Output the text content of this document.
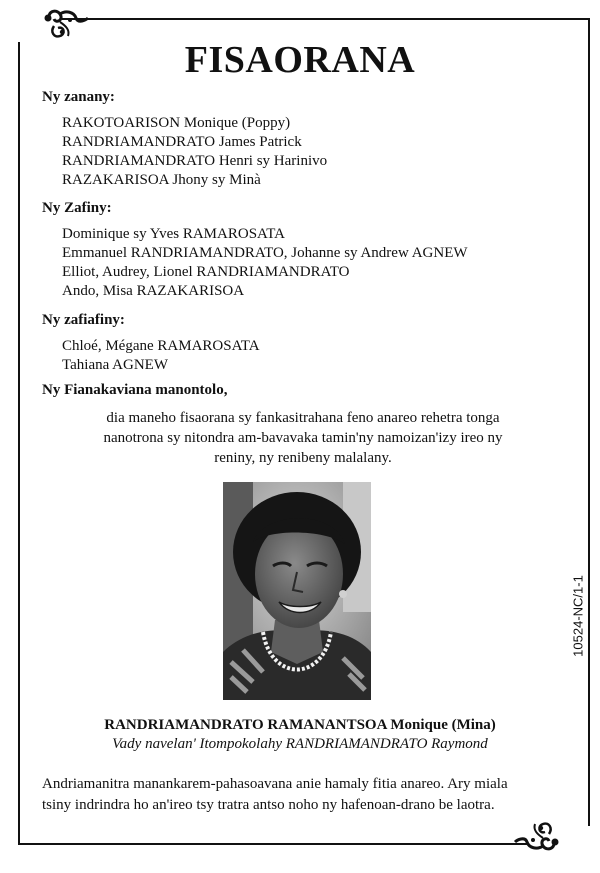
FISAORANA
Ny zanany:
RAKOTOARISON Monique (Poppy)
RANDRIAMANDRATO James Patrick
RANDRIAMANDRATO Henri sy Harinivo
RAZAKARISOA Jhony sy Minà
Ny Zafiny:
Dominique sy Yves RAMAROSATA
Emmanuel RANDRIAMANDRATO, Johanne sy Andrew AGNEW
Elliot, Audrey, Lionel RANDRIAMANDRATO
Ando, Misa RAZAKARISOA
Ny zafiafiny:
Chloé, Mégane RAMAROSATA
Tahiana AGNEW
Ny Fianakaviana manontolo,
dia maneho fisaorana sy fankasitrahana feno anareo rehetra tonga
nanotrona sy nitondra am-bavavaka tamin'ny namoizan'izy ireo ny
reniny, ny renibeny malalany.
RANDRIAMANDRATO RAMANANTSOA Monique (Mina)
Vady navelan' Itompokolahy RANDRIAMANDRATO Raymond
Andriamanitra manankarem-pahasoavana anie hamaly fitia anareo. Ary miala
tsiny indrindra ho an'ireo tsy tratra antso noho ny hafenoan-drano be laotra.
10524-NC/1-1
